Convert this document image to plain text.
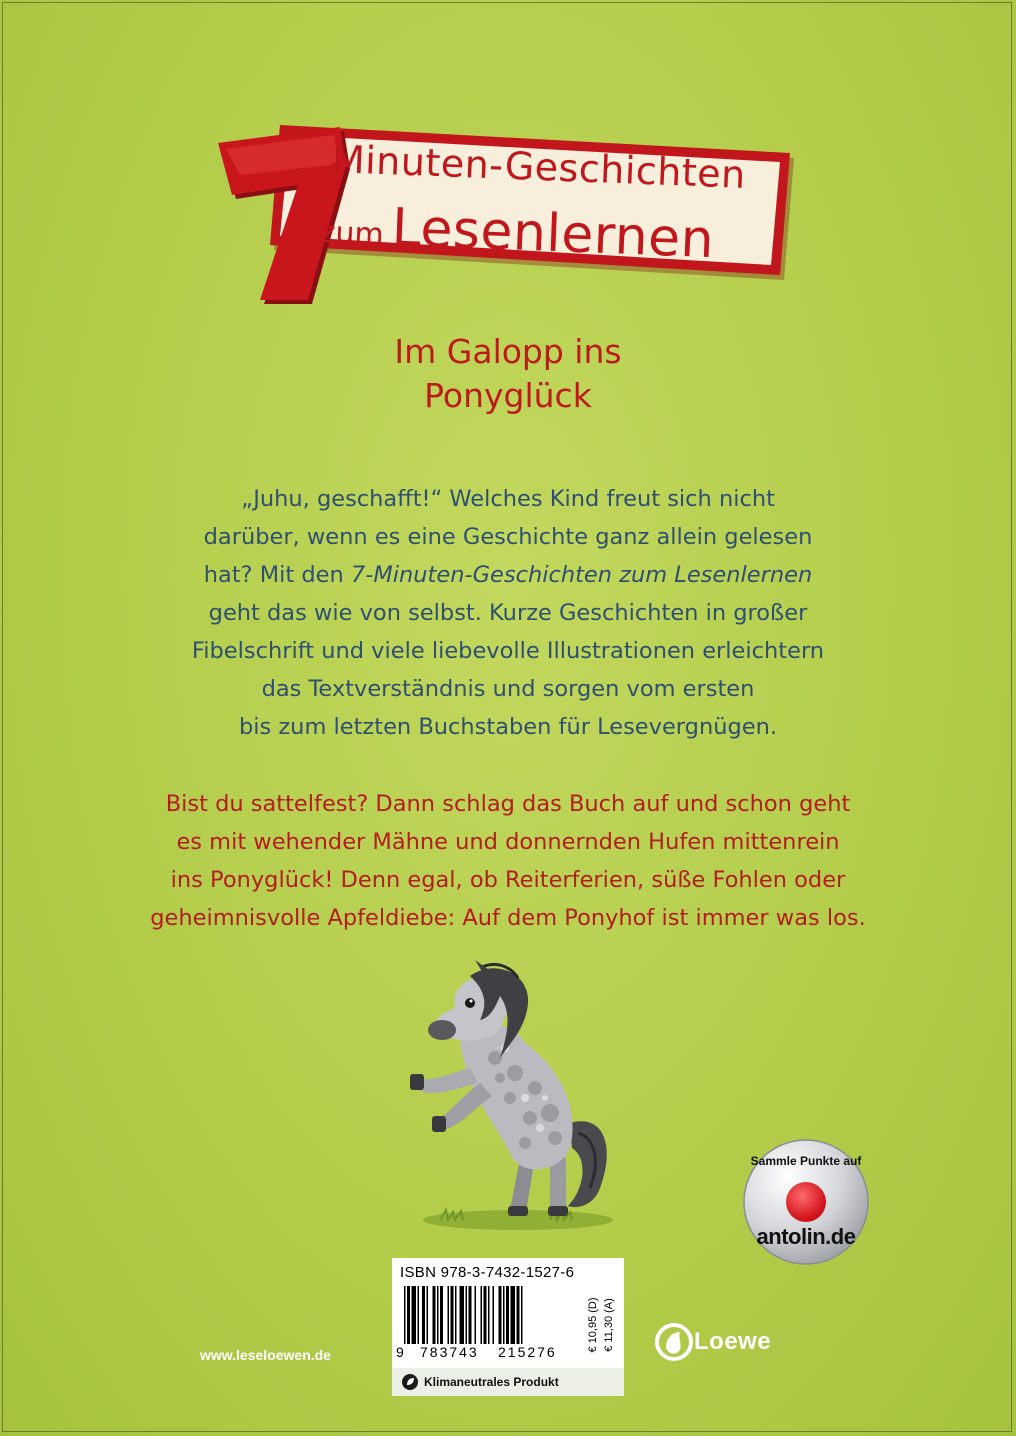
Minuten-Geschichten
zum Lesenlernen
Im Galopp ins
Ponyglück
„Juhu, geschafft!“ Welches Kind freut sich nicht
darüber, wenn es eine Geschichte ganz allein gelesen
hat? Mit den 7-Minuten-Geschichten zum Lesenlernen
geht das wie von selbst. Kurze Geschichten in großer
Fibelschrift und viele liebevolle Illustrationen erleichtern
das Textverständnis und sorgen vom ersten
bis zum letzten Buchstaben für Lesevergnügen.
Bist du sattelfest? Dann schlag das Buch auf und schon geht
es mit wehender Mähne und donnernden Hufen mittenrein
ins Ponyglück! Denn egal, ob Reiterferien, süße Fohlen oder
geheimnisvolle Apfeldiebe: Auf dem Ponyhof ist immer was los.
Sammle Punkte auf
antolin.de
ISBN 978-3-7432-1527-6
9 783743 215276	€ 10,95 (D) € 11,30 (A)
Klimaneutrales Produkt
www.leseloewen.de	Loewe
